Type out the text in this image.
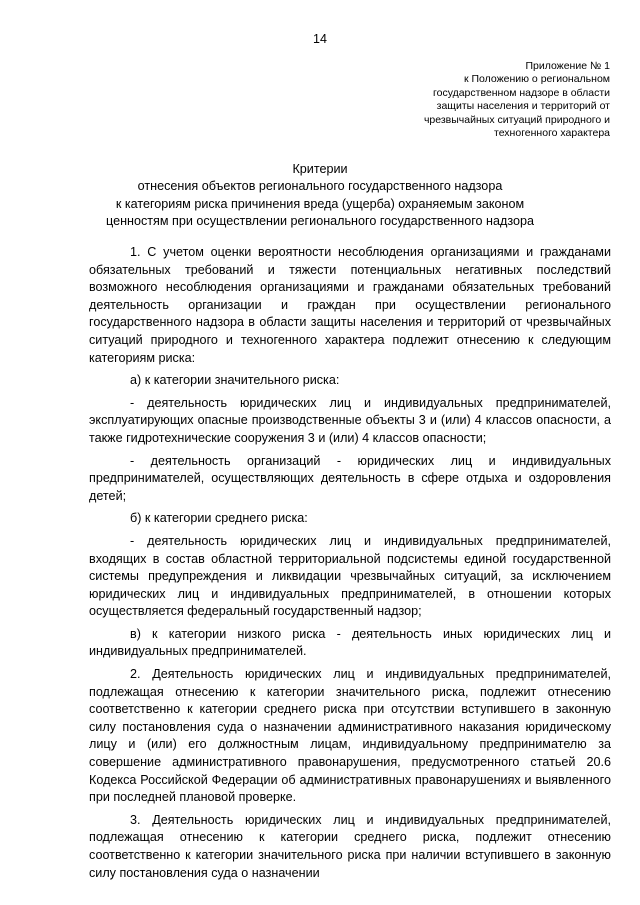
14
Приложение № 1
к Положению о региональном
государственном надзоре в области
защиты населения и территорий от
чрезвычайных ситуаций природного и
техногенного характера
Критерии
отнесения объектов регионального государственного надзора
к категориям риска причинения вреда (ущерба) охраняемым законом
ценностям при осуществлении регионального государственного надзора

1. С учетом оценки вероятности несоблюдения организациями и гражданами обязательных требований и тяжести потенциальных негативных последствий возможного несоблюдения организациями и гражданами обязательных требований деятельность организации и граждан при осуществлении регионального государственного надзора в области защиты населения и территорий от чрезвычайных ситуаций природного и техногенного характера подлежит отнесению к следующим категориям риска:

а) к категории значительного риска:

- деятельность юридических лиц и индивидуальных предпринимателей, эксплуатирующих опасные производственные объекты 3 и (или) 4 классов опасности, а также гидротехнические сооружения 3 и (или) 4 классов опасности;

- деятельность организаций - юридических лиц и индивидуальных предпринимателей, осуществляющих деятельность в сфере отдыха и оздоровления детей;

б) к категории среднего риска:

- деятельность юридических лиц и индивидуальных предпринимателей, входящих в состав областной территориальной подсистемы единой государственной системы предупреждения и ликвидации чрезвычайных ситуаций, за исключением юридических лиц и индивидуальных предпринимателей, в отношении которых осуществляется федеральный государственный надзор;

в) к категории низкого риска - деятельность иных юридических лиц и индивидуальных предпринимателей.

2. Деятельность юридических лиц и индивидуальных предпринимателей, подлежащая отнесению к категории значительного риска, подлежит отнесению соответственно к категории среднего риска при отсутствии вступившего в законную силу постановления суда о назначении административного наказания юридическому лицу и (или) его должностным лицам, индивидуальному предпринимателю за совершение административного правонарушения, предусмотренного статьей 20.6 Кодекса Российской Федерации об административных правонарушениях и выявленного при последней плановой проверке.

3. Деятельность юридических лиц и индивидуальных предпринимателей, подлежащая отнесению к категории среднего риска, подлежит отнесению соответственно к категории значительного риска при наличии вступившего в законную силу постановления суда о назначении
